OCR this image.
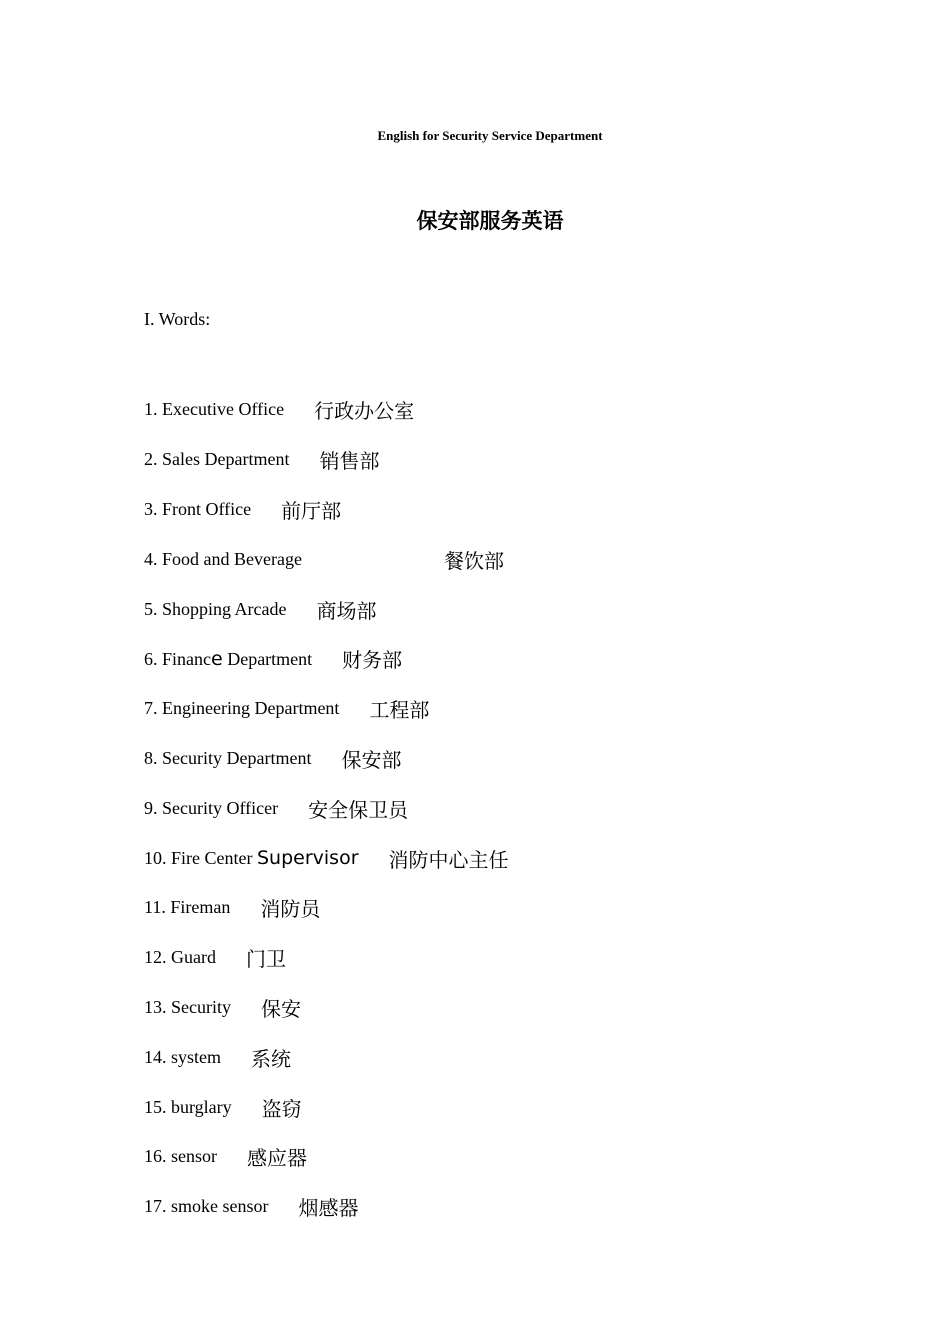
English for Security Service Department
保安部服务英语
I. Words:
1. Executive Office 行政办公室
2. Sales Department 销售部
3. Front Office 前厅部
4. Food and Beverage	餐饮部
5. Shopping Arcade 商场部
6. Finance Department 财务部
7. Engineering Department 工程部
8. Security Department 保安部
9. Security Officer 安全保卫员
10. Fire Center Supervisor 消防中心主任
11. Fireman 消防员
12. Guard 门卫
13. Security 保安
14. system 系统
15. burglary 盗窃
16. sensor 感应器
17. smoke sensor 烟感器
